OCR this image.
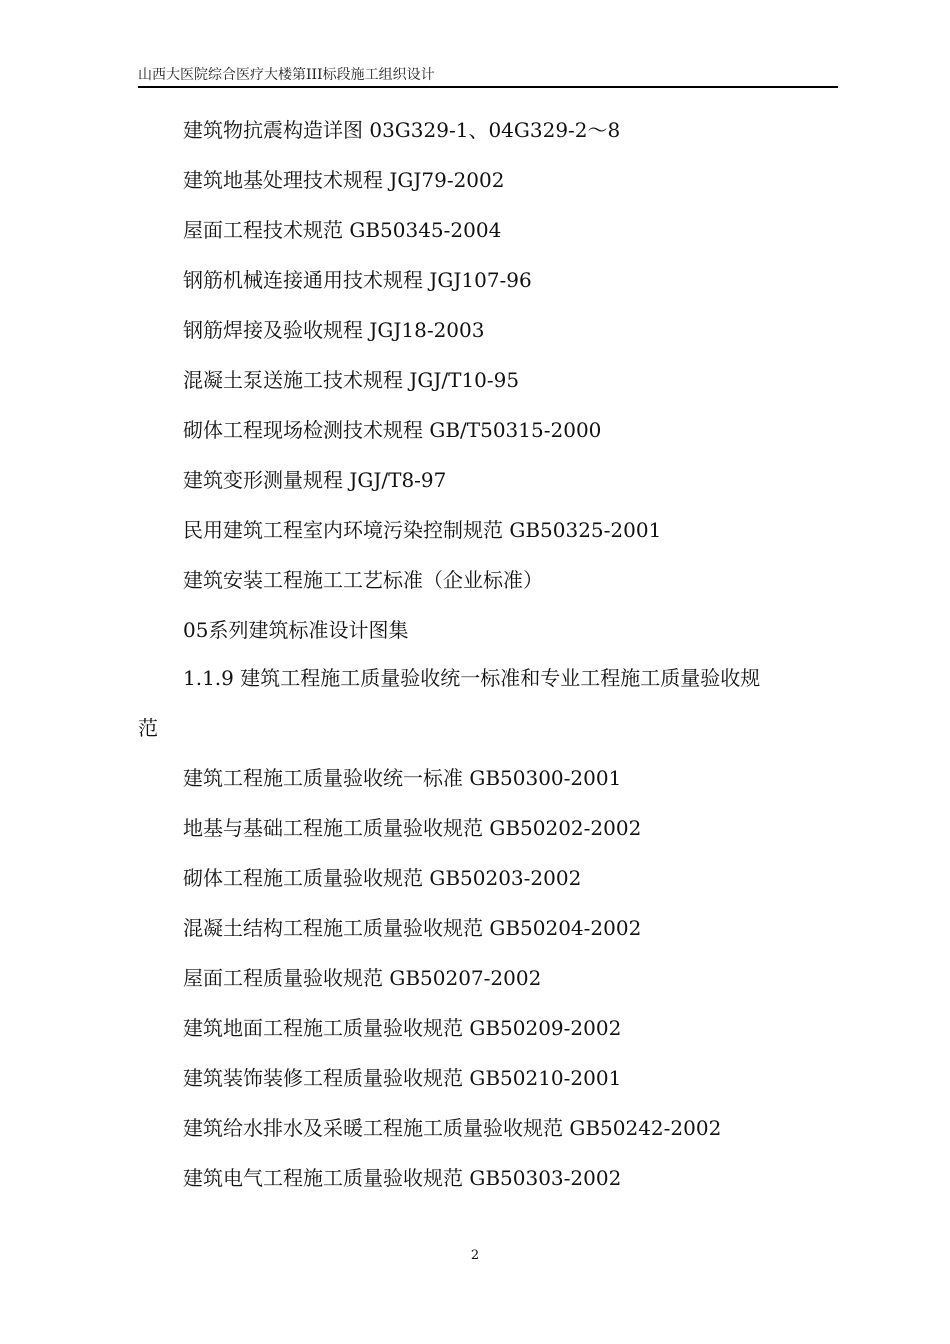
山西大医院综合医疗大楼第III标段施工组织设计
建筑物抗震构造详图 03G329-1、04G329-2～8
建筑地基处理技术规程 JGJ79-2002
屋面工程技术规范 GB50345-2004
钢筋机械连接通用技术规程 JGJ107-96
钢筋焊接及验收规程 JGJ18-2003
混凝土泵送施工技术规程 JGJ/T10-95
砌体工程现场检测技术规程 GB/T50315-2000
建筑变形测量规程 JGJ/T8-97
民用建筑工程室内环境污染控制规范 GB50325-2001
建筑安装工程施工工艺标准（企业标准）
05系列建筑标准设计图集
1.1.9 建筑工程施工质量验收统一标准和专业工程施工质量验收规
范
建筑工程施工质量验收统一标准 GB50300-2001
地基与基础工程施工质量验收规范 GB50202-2002
砌体工程施工质量验收规范 GB50203-2002
混凝土结构工程施工质量验收规范 GB50204-2002
屋面工程质量验收规范 GB50207-2002
建筑地面工程施工质量验收规范 GB50209-2002
建筑装饰装修工程质量验收规范 GB50210-2001
建筑给水排水及采暖工程施工质量验收规范 GB50242-2002
建筑电气工程施工质量验收规范 GB50303-2002
2
